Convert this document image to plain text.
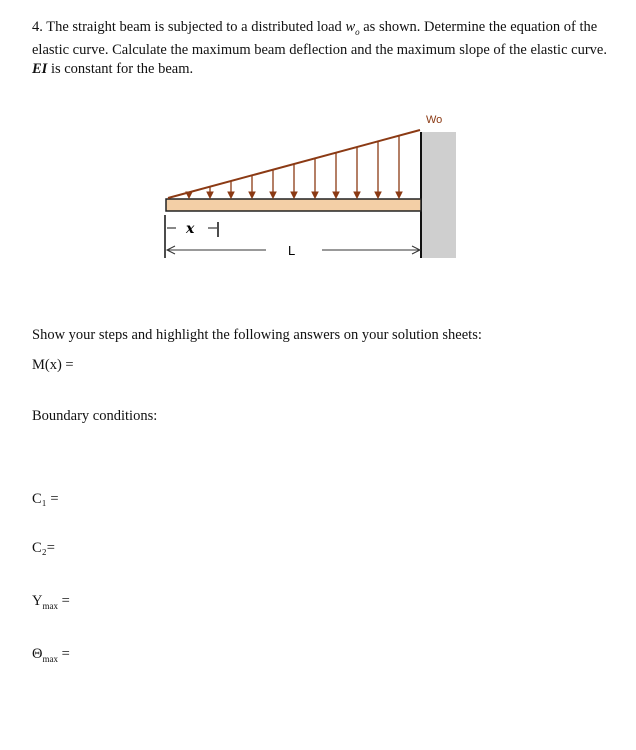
4. The straight beam is subjected to a distributed load $w_o$ as shown. Determine the equation of the elastic curve. Calculate the maximum beam deflection and the maximum slope of the elastic curve. EI is constant for the beam.
Wo
x
L
Show your steps and highlight the following answers on your solution sheets:
M(x) =
Boundary conditions:
C₁ =
C₂=
$Y_{max}$ =
$\Theta_{max}$ =
